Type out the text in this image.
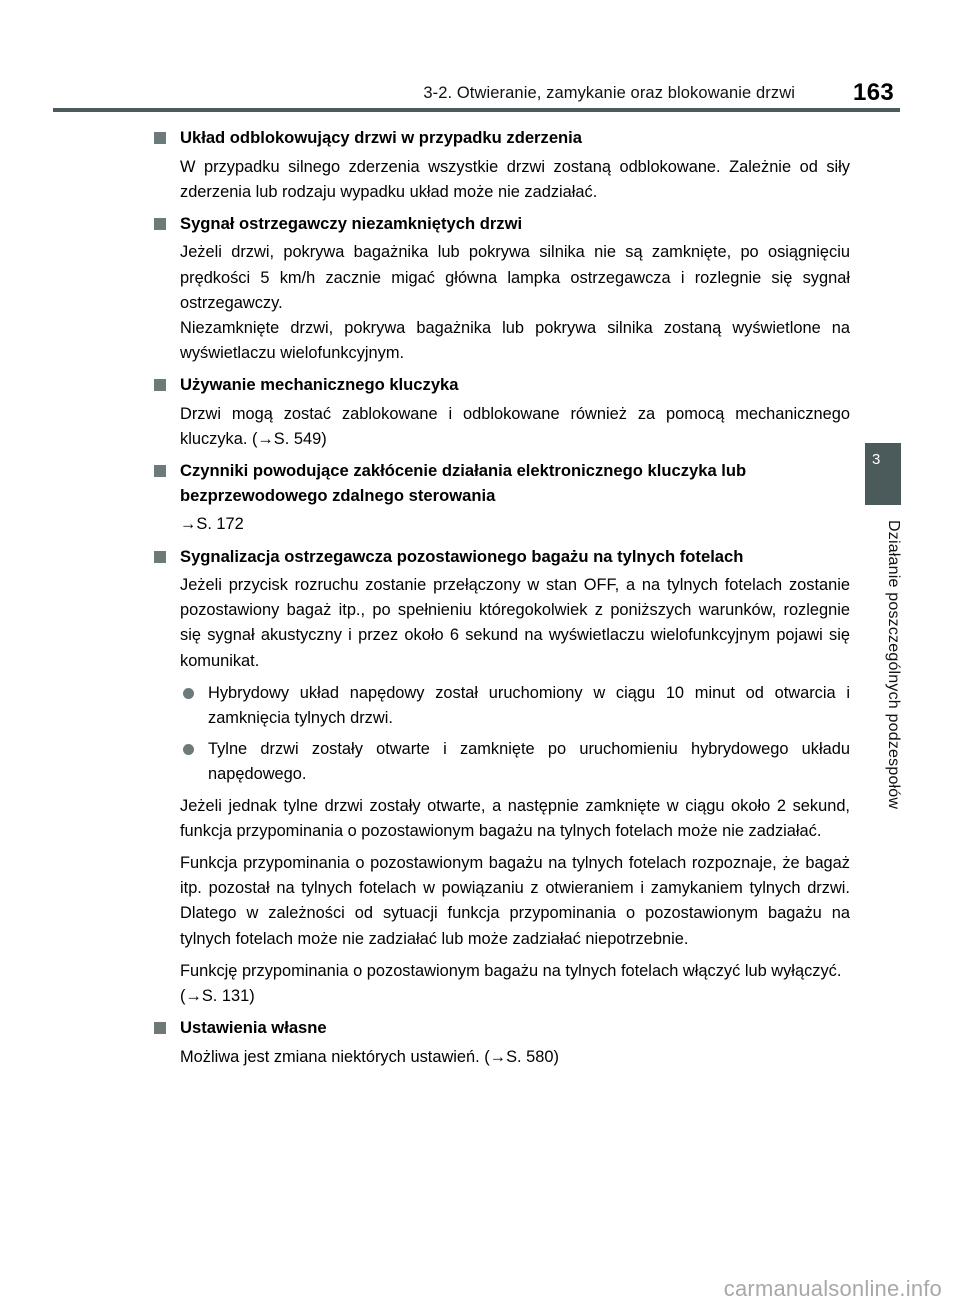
3-2. Otwieranie, zamykanie oraz blokowanie drzwi 163
Układ odblokowujący drzwi w przypadku zderzenia
W przypadku silnego zderzenia wszystkie drzwi zostaną odblokowane. Zależnie od siły zderzenia lub rodzaju wypadku układ może nie zadziałać.
Sygnał ostrzegawczy niezamkniętych drzwi
Jeżeli drzwi, pokrywa bagażnika lub pokrywa silnika nie są zamknięte, po osiągnięciu prędkości 5 km/h zacznie migać główna lampka ostrzegawcza i rozlegnie się sygnał ostrzegawczy.
Niezamknięte drzwi, pokrywa bagażnika lub pokrywa silnika zostaną wyświetlone na wyświetlaczu wielofunkcyjnym.
Używanie mechanicznego kluczyka
Drzwi mogą zostać zablokowane i odblokowane również za pomocą mechanicznego kluczyka. (→S. 549)
Czynniki powodujące zakłócenie działania elektronicznego kluczyka lub bezprzewodowego zdalnego sterowania
→S. 172
Sygnalizacja ostrzegawcza pozostawionego bagażu na tylnych fotelach
Jeżeli przycisk rozruchu zostanie przełączony w stan OFF, a na tylnych fotelach zostanie pozostawiony bagaż itp., po spełnieniu któregokolwiek z poniższych warunków, rozlegnie się sygnał akustyczny i przez około 6 sekund na wyświetlaczu wielofunkcyjnym pojawi się komunikat.
Hybrydowy układ napędowy został uruchomiony w ciągu 10 minut od otwarcia i zamknięcia tylnych drzwi.
Tylne drzwi zostały otwarte i zamknięte po uruchomieniu hybrydowego układu napędowego.
Jeżeli jednak tylne drzwi zostały otwarte, a następnie zamknięte w ciągu około 2 sekund, funkcja przypominania o pozostawionym bagażu na tylnych fotelach może nie zadziałać.
Funkcja przypominania o pozostawionym bagażu na tylnych fotelach rozpoznaje, że bagaż itp. pozostał na tylnych fotelach w powiązaniu z otwieraniem i zamykaniem tylnych drzwi. Dlatego w zależności od sytuacji funkcja przypominania o pozostawionym bagażu na tylnych fotelach może nie zadziałać lub może zadziałać niepotrzebnie.
Funkcję przypominania o pozostawionym bagażu na tylnych fotelach włączyć lub wyłączyć. (→S. 131)
Ustawienia własne
Możliwa jest zmiana niektórych ustawień. (→S. 580)
3
Działanie poszczególnych podzespołów
carmanualsonline.info
